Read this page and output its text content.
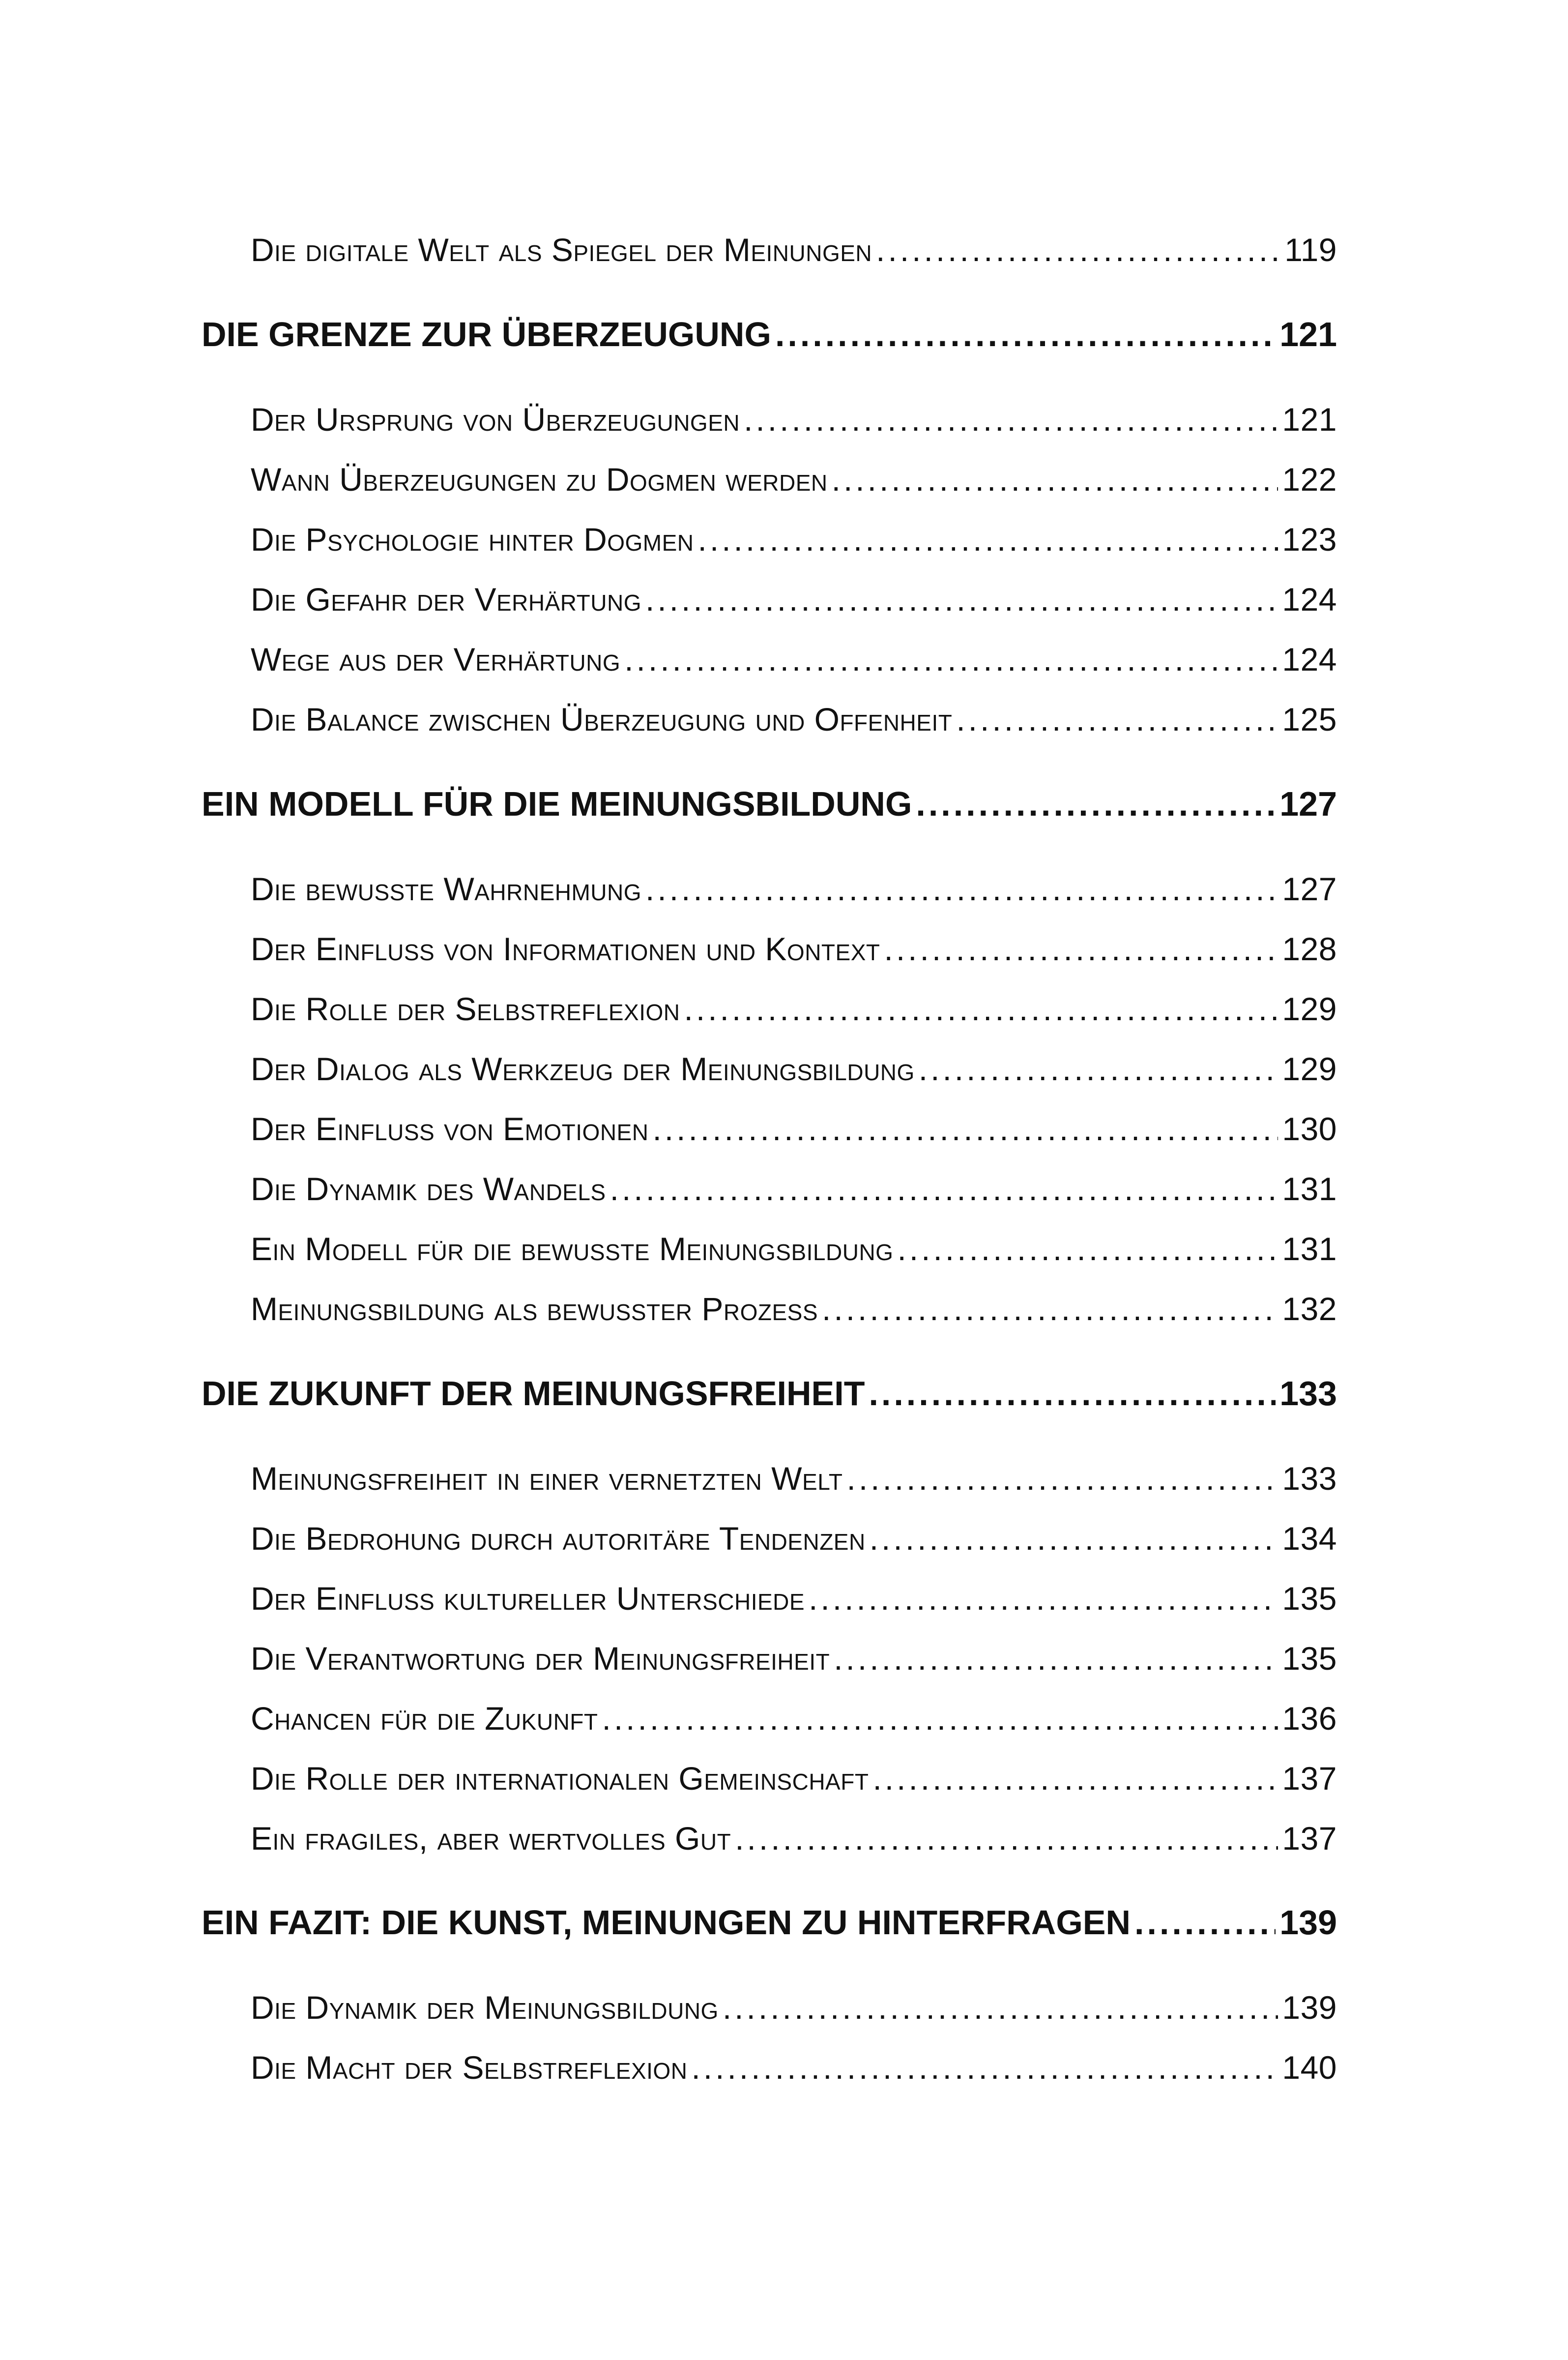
Die digitale Welt als Spiegel der Meinungen .....	119
DIE GRENZE ZUR ÜBERZEUGUNG .....	121
Der Ursprung von Überzeugungen .....	121
Wann Überzeugungen zu Dogmen werden .....	122
Die Psychologie hinter Dogmen .....	123
Die Gefahr der Verhärtung .....	124
Wege aus der Verhärtung .....	124
Die Balance zwischen Überzeugung und Offenheit .....	125
EIN MODELL FÜR DIE MEINUNGSBILDUNG .....	127
Die bewusste Wahrnehmung .....	127
Der Einfluss von Informationen und Kontext .....	128
Die Rolle der Selbstreflexion .....	129
Der Dialog als Werkzeug der Meinungsbildung .....	129
Der Einfluss von Emotionen .....	130
Die Dynamik des Wandels .....	131
Ein Modell für die bewusste Meinungsbildung .....	131
Meinungsbildung als bewusster Prozess .....	132
DIE ZUKUNFT DER MEINUNGSFREIHEIT .....	133
Meinungsfreiheit in einer vernetzten Welt .....	133
Die Bedrohung durch autoritäre Tendenzen .....	134
Der Einfluss kultureller Unterschiede .....	135
Die Verantwortung der Meinungsfreiheit .....	135
Chancen für die Zukunft .....	136
Die Rolle der internationalen Gemeinschaft .....	137
Ein fragiles, aber wertvolles Gut .....	137
EIN FAZIT: DIE KUNST, MEINUNGEN ZU HINTERFRAGEN .....	139
Die Dynamik der Meinungsbildung .....	139
Die Macht der Selbstreflexion .....	140
